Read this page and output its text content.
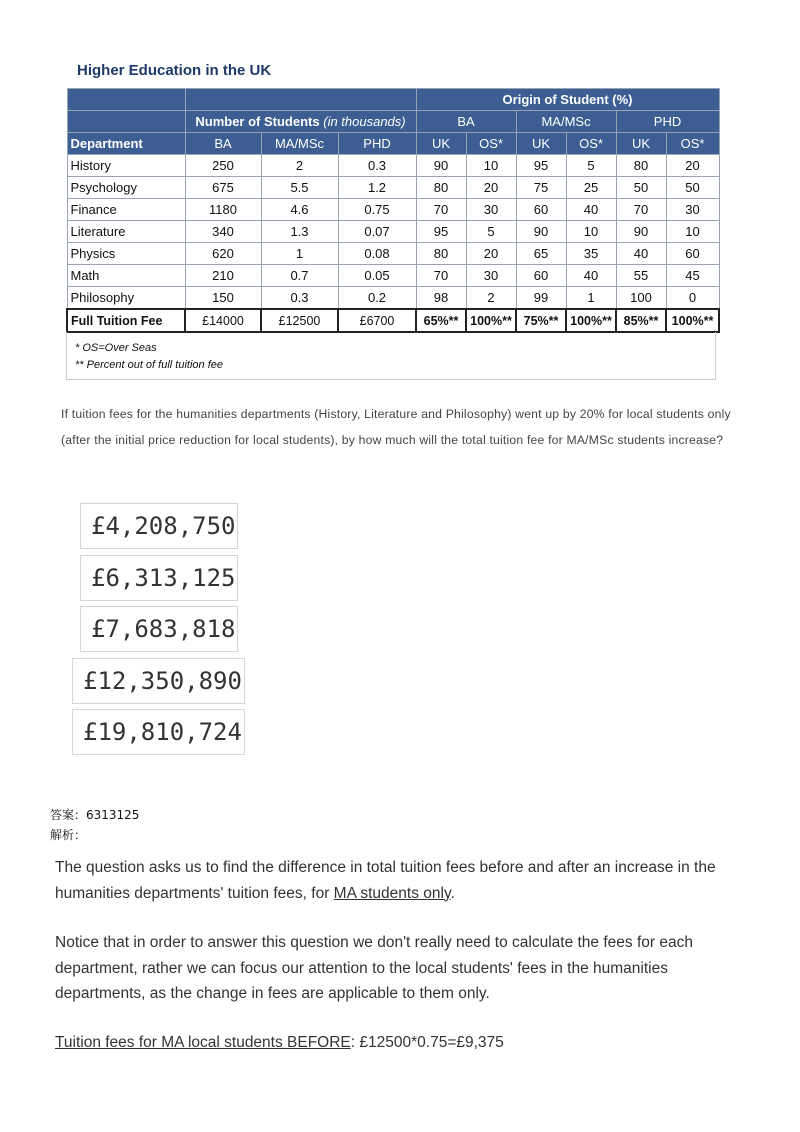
Higher Education in the UK
				Origin of Student (%)					
	Number of Students (in thousands)			BA		MA/MSc		PHD	
Department	BA	MA/MSc	PHD	UK	OS*	UK	OS*	UK	OS*
History	250	2	0.3	90	10	95	5	80	20
Psychology	675	5.5	1.2	80	20	75	25	50	50
Finance	1180	4.6	0.75	70	30	60	40	70	30
Literature	340	1.3	0.07	95	5	90	10	90	10
Physics	620	1	0.08	80	20	65	35	40	60
Math	210	0.7	0.05	70	30	60	40	55	45
Philosophy	150	0.3	0.2	98	2	99	1	100	0
Full Tuition Fee	£14000	£12500	£6700	65%**	100%**	75%**	100%**	85%**	100%**
* OS=Over Seas
** Percent out of full tuition fee
If tuition fees for the humanities departments (History, Literature and Philosophy) went up by 20% for local students only (after the initial price reduction for local students), by how much will the total tuition fee for MA/MSc students increase?
£4,208,750
£6,313,125
£7,683,818
£12,350,890
£19,810,724
答案：6313125
解析：
The question asks us to find the difference in total tuition fees before and after an increase in the humanities departments' tuition fees, for MA students only.
Notice that in order to answer this question we don't really need to calculate the fees for each department, rather we can focus our attention to the local students' fees in the humanities departments, as the change in fees are applicable to them only.
Tuition fees for MA local students BEFORE: £12500*0.75=£9,375
